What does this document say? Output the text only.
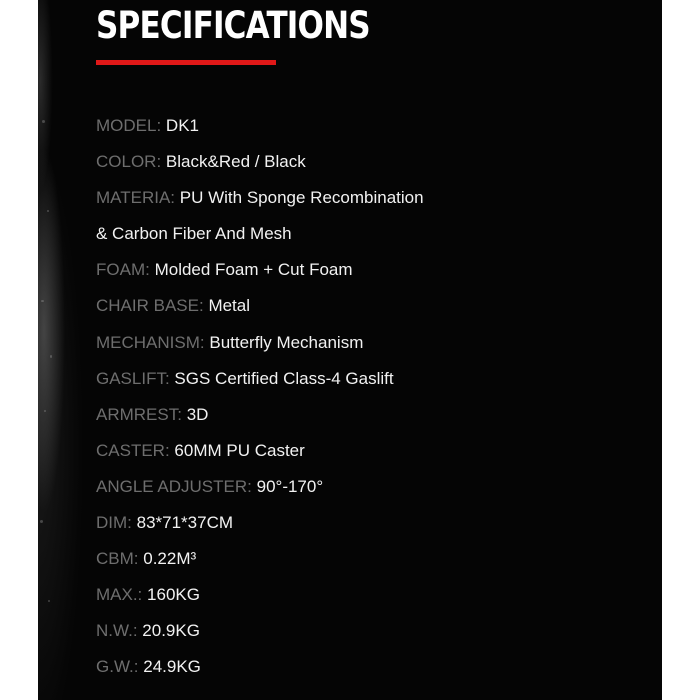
SPECIFICATIONS
MODEL: DK1
COLOR: Black&Red / Black
MATERIA: PU With Sponge Recombination
& Carbon Fiber And Mesh
FOAM: Molded Foam + Cut Foam
CHAIR BASE: Metal
MECHANISM: Butterfly Mechanism
GASLIFT: SGS Certified Class-4 Gaslift
ARMREST: 3D
CASTER: 60MM PU Caster
ANGLE ADJUSTER: 90°-170°
DIM: 83*71*37CM
CBM: 0.22M³
MAX.: 160KG
N.W.: 20.9KG
G.W.: 24.9KG
